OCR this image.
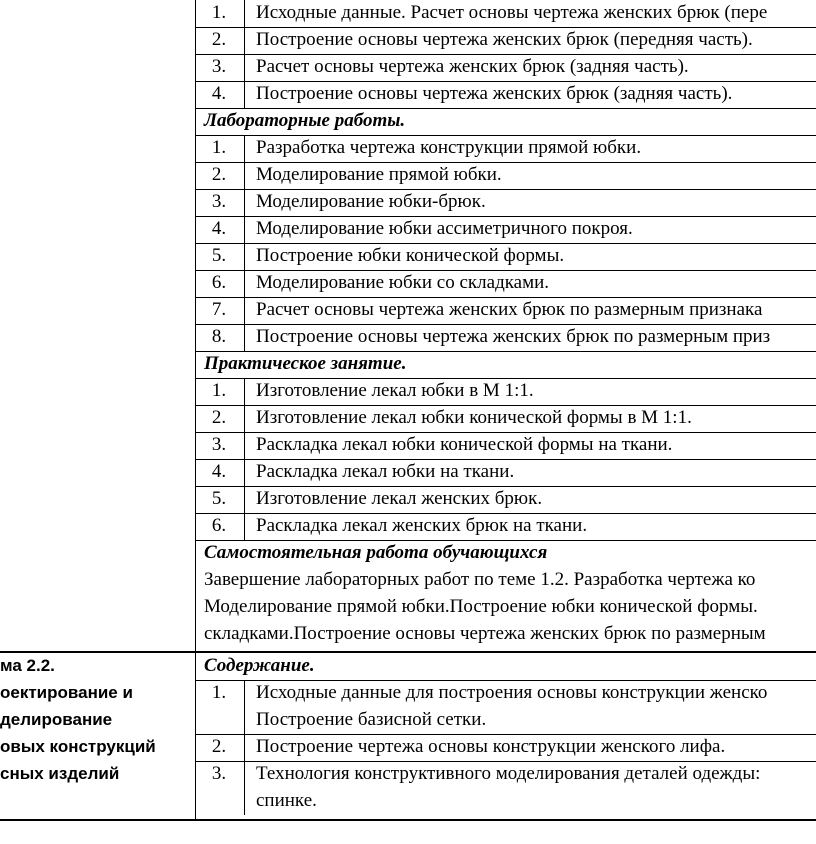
1.	Исходные данные. Расчет основы чертежа женских брюк (пере
2.	Построение основы чертежа женских брюк (передняя часть).
3.	Расчет основы чертежа женских брюк (задняя часть).
4.	Построение основы чертежа женских брюк (задняя часть).
Лабораторные работы.
1.	Разработка чертежа конструкции прямой юбки.
2.	Моделирование прямой юбки.
3.	Моделирование юбки-брюк.
4.	Моделирование юбки ассиметричного покроя.
5.	Построение юбки конической формы.
6.	Моделирование юбки со складками.
7.	Расчет основы чертежа женских брюк по размерным признака
8.	Построение основы чертежа женских брюк по размерным приз
Практическое занятие.
1.	Изготовление лекал юбки в М 1:1.
2.	Изготовление лекал юбки конической формы в М 1:1.
3.	Раскладка лекал юбки конической формы на ткани.
4.	Раскладка лекал юбки на ткани.
5.	Изготовление лекал женских брюк.
6.	Раскладка лекал женских брюк на ткани.
Самостоятельная работа обучающихся
Завершение лабораторных работ по теме 1.2. Разработка чертежа ко
Моделирование прямой юбки.Построение юбки конической формы.
складками.Построение основы чертежа женских брюк по размерным
Содержание.
ма 2.2.
оектирование и
делирование
овых конструкций
сных изделий
1.	Исходные данные для построения основы конструкции женско
Построение базисной сетки.
2.	Построение чертежа основы конструкции женского лифа.
3.	Технология конструктивного моделирования деталей одежды:
спинке.
